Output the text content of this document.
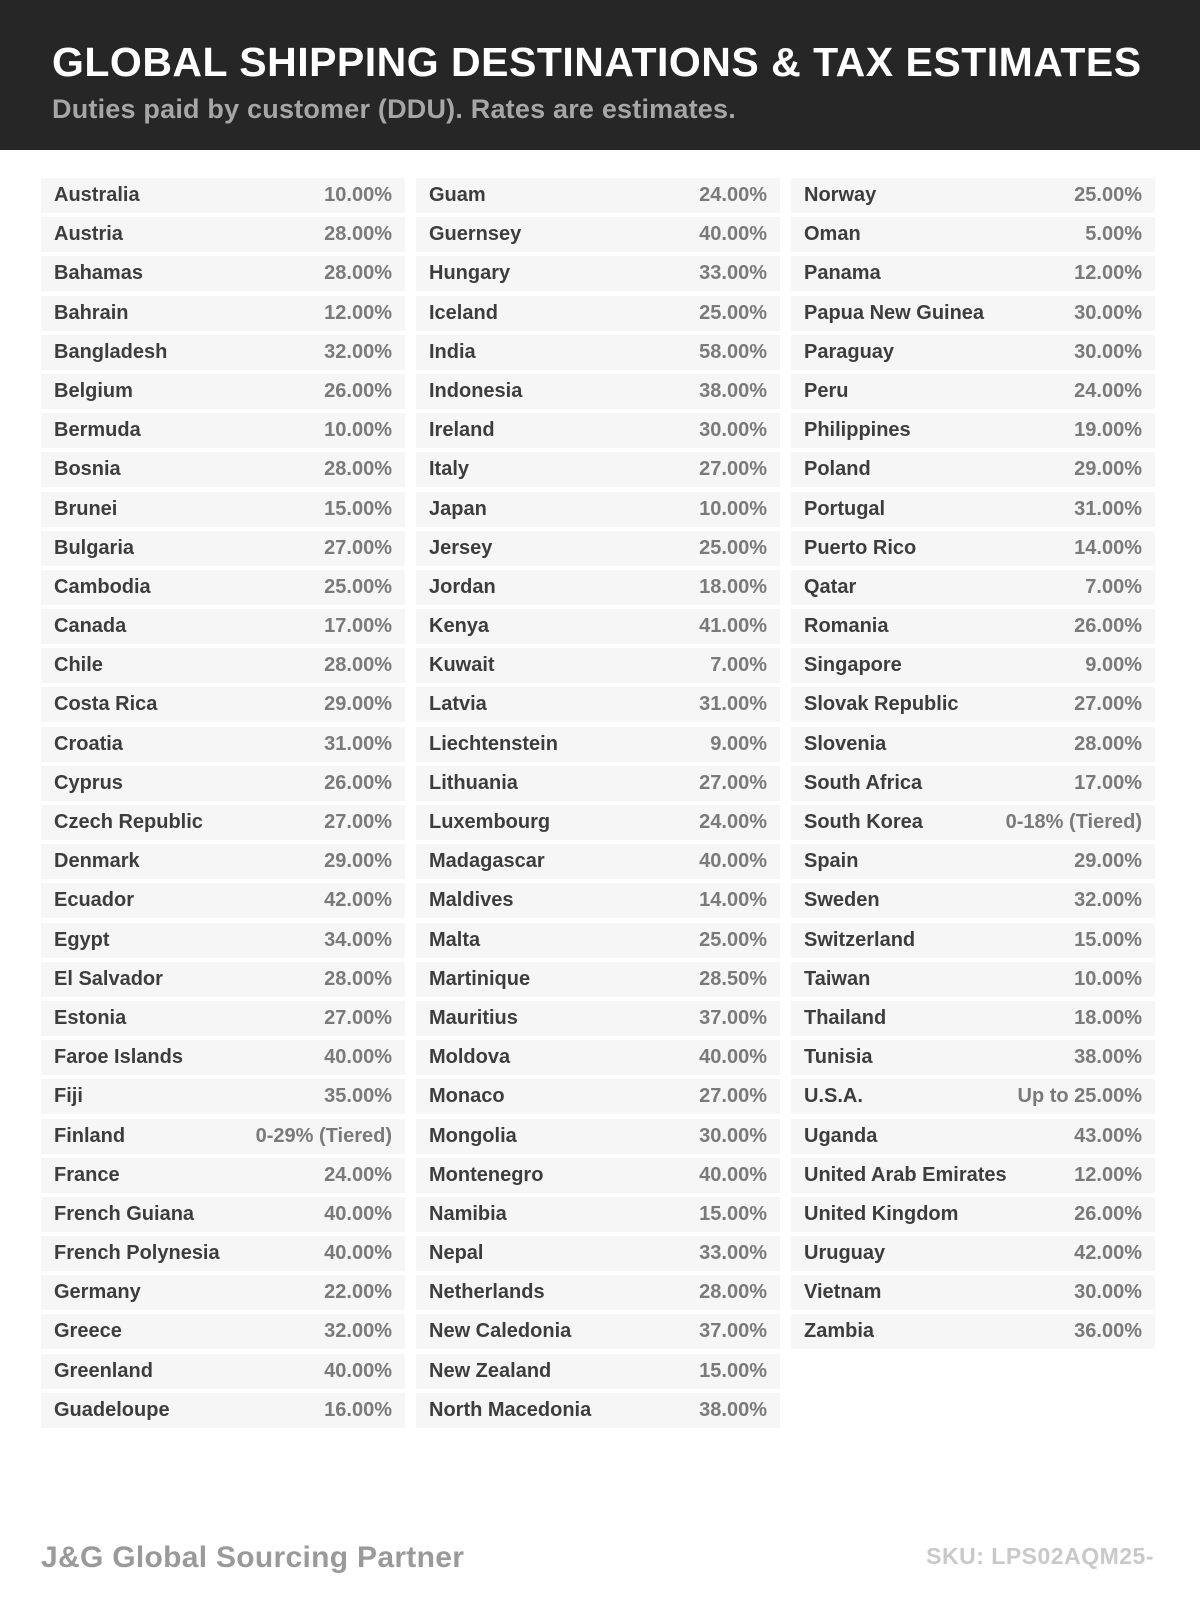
GLOBAL SHIPPING DESTINATIONS & TAX ESTIMATES
Duties paid by customer (DDU). Rates are estimates.
Australia	10.00%
Austria	28.00%
Bahamas	28.00%
Bahrain	12.00%
Bangladesh	32.00%
Belgium	26.00%
Bermuda	10.00%
Bosnia	28.00%
Brunei	15.00%
Bulgaria	27.00%
Cambodia	25.00%
Canada	17.00%
Chile	28.00%
Costa Rica	29.00%
Croatia	31.00%
Cyprus	26.00%
Czech Republic	27.00%
Denmark	29.00%
Ecuador	42.00%
Egypt	34.00%
El Salvador	28.00%
Estonia	27.00%
Faroe Islands	40.00%
Fiji	35.00%
Finland	0-29% (Tiered)
France	24.00%
French Guiana	40.00%
French Polynesia	40.00%
Germany	22.00%
Greece	32.00%
Greenland	40.00%
Guadeloupe	16.00%
Guam	24.00%
Guernsey	40.00%
Hungary	33.00%
Iceland	25.00%
India	58.00%
Indonesia	38.00%
Ireland	30.00%
Italy	27.00%
Japan	10.00%
Jersey	25.00%
Jordan	18.00%
Kenya	41.00%
Kuwait	7.00%
Latvia	31.00%
Liechtenstein	9.00%
Lithuania	27.00%
Luxembourg	24.00%
Madagascar	40.00%
Maldives	14.00%
Malta	25.00%
Martinique	28.50%
Mauritius	37.00%
Moldova	40.00%
Monaco	27.00%
Mongolia	30.00%
Montenegro	40.00%
Namibia	15.00%
Nepal	33.00%
Netherlands	28.00%
New Caledonia	37.00%
New Zealand	15.00%
North Macedonia	38.00%
Norway	25.00%
Oman	5.00%
Panama	12.00%
Papua New Guinea	30.00%
Paraguay	30.00%
Peru	24.00%
Philippines	19.00%
Poland	29.00%
Portugal	31.00%
Puerto Rico	14.00%
Qatar	7.00%
Romania	26.00%
Singapore	9.00%
Slovak Republic	27.00%
Slovenia	28.00%
South Africa	17.00%
South Korea	0-18% (Tiered)
Spain	29.00%
Sweden	32.00%
Switzerland	15.00%
Taiwan	10.00%
Thailand	18.00%
Tunisia	38.00%
U.S.A.	Up to 25.00%
Uganda	43.00%
United Arab Emirates	12.00%
United Kingdom	26.00%
Uruguay	42.00%
Vietnam	30.00%
Zambia	36.00%
J&G Global Sourcing Partner	SKU: LPS02AQM25-
